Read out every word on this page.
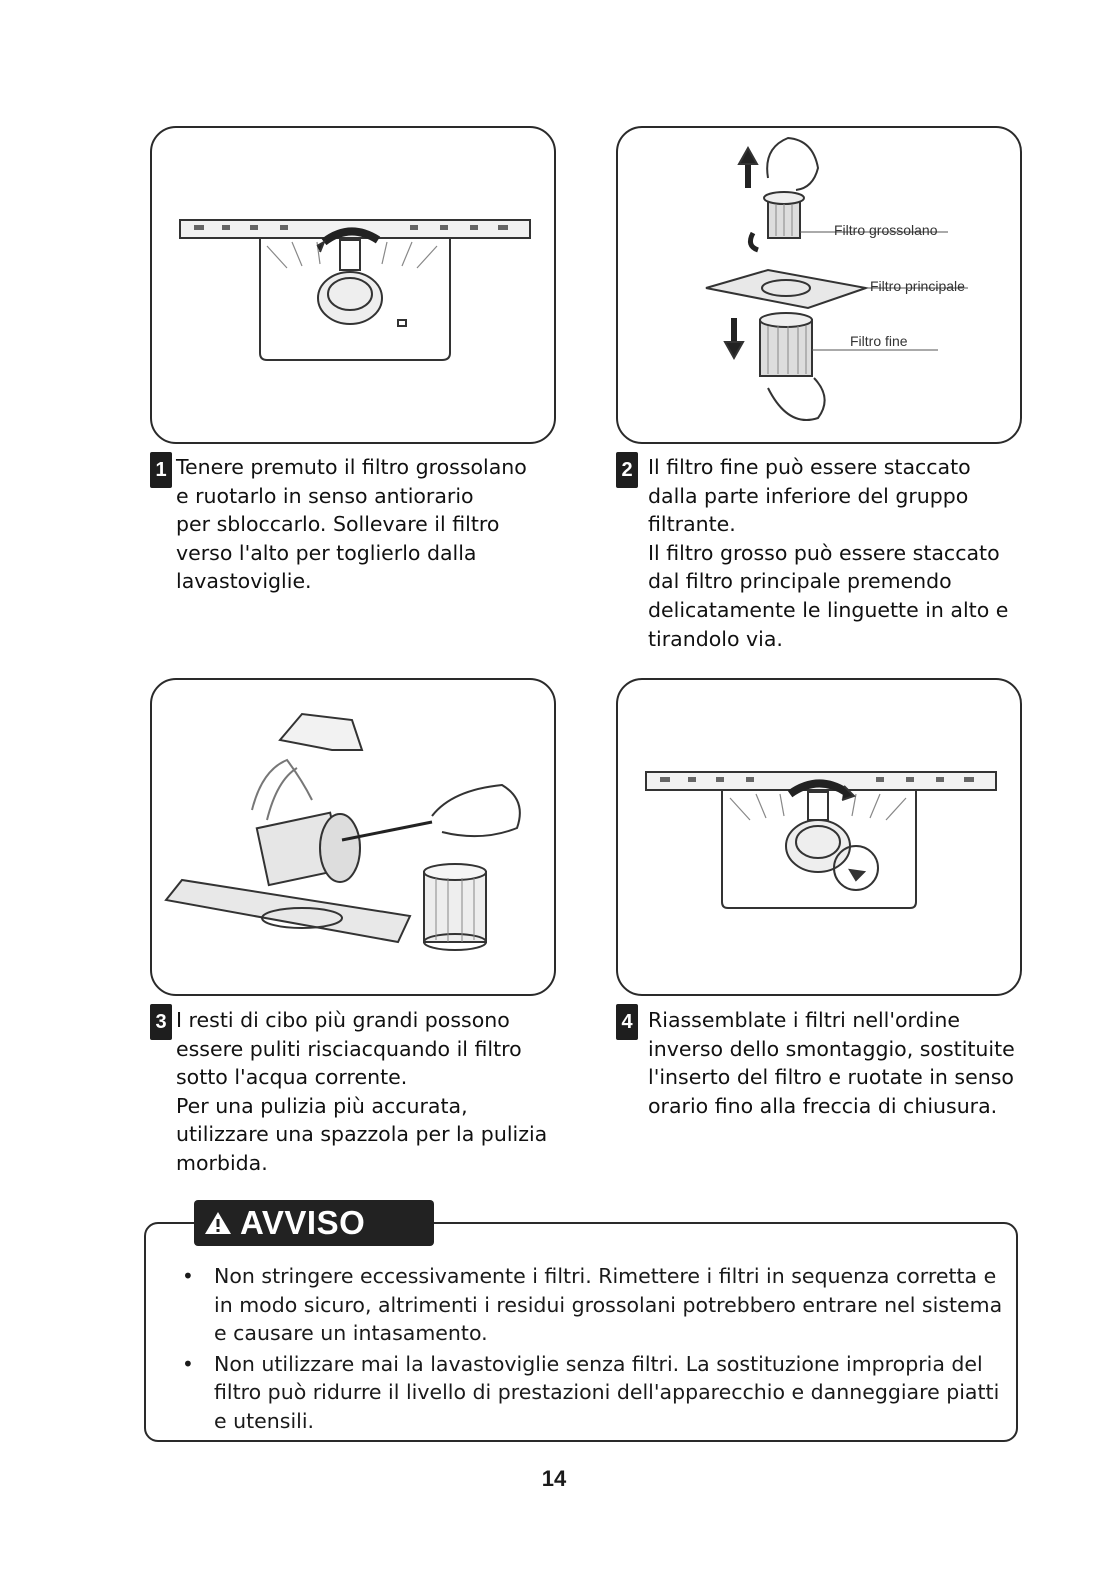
Filtro grossolano
Filtro principale
Filtro fine
1 Tenere premuto il filtro grossolano
e ruotarlo in senso antiorario
per sbloccarlo. Sollevare il filtro
verso l'alto per toglierlo dalla
lavastoviglie.

2 Il filtro fine può essere staccato
dalla parte inferiore del gruppo
filtrante.
Il filtro grosso può essere staccato
dal filtro principale premendo
delicatamente le linguette in alto e
tirandolo via.

3 I resti di cibo più grandi possono
essere puliti risciacquando il filtro
sotto l'acqua corrente.
Per una pulizia più accurata,
utilizzare una spazzola per la pulizia
morbida.

4 Riassemblate i filtri nell'ordine
inverso dello smontaggio, sostituite
l'inserto del filtro e ruotate in senso
orario fino alla freccia di chiusura.

AVVISO
• Non stringere eccessivamente i filtri. Rimettere i filtri in sequenza corretta e
in modo sicuro, altrimenti i residui grossolani potrebbero entrare nel sistema
e causare un intasamento.
• Non utilizzare mai la lavastoviglie senza filtri. La sostituzione impropria del
filtro può ridurre il livello di prestazioni dell'apparecchio e danneggiare piatti
e utensili.
14
